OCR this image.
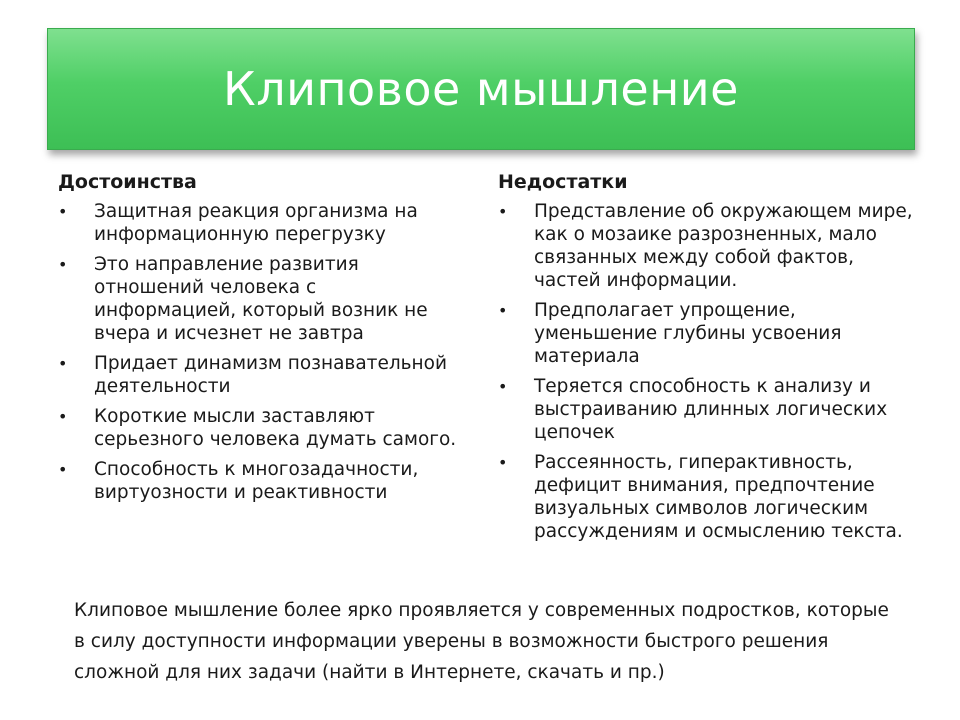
Клиповое мышление
Достоинства
• Защитная реакция организма на информационную перегрузку
• Это направление развития отношений человека с информацией, который возник не вчера и исчезнет не завтра
• Придает динамизм познавательной деятельности
• Короткие мысли заставляют серьезного человека думать самого.
• Способность к многозадачности, виртуозности и реактивности
Недостатки
• Представление об окружающем мире, как о мозаике разрозненных, мало связанных между собой фактов, частей информации.
• Предполагает упрощение, уменьшение глубины усвоения материала
• Теряется способность к анализу и выстраиванию длинных логических цепочек
• Рассеянность, гиперактивность, дефицит внимания, предпочтение визуальных символов логическим рассуждениям и осмыслению текста.
Клиповое мышление более ярко проявляется у современных подростков, которые в силу доступности информации уверены в возможности быстрого решения сложной для них задачи (найти в Интернете, скачать и пр.)
